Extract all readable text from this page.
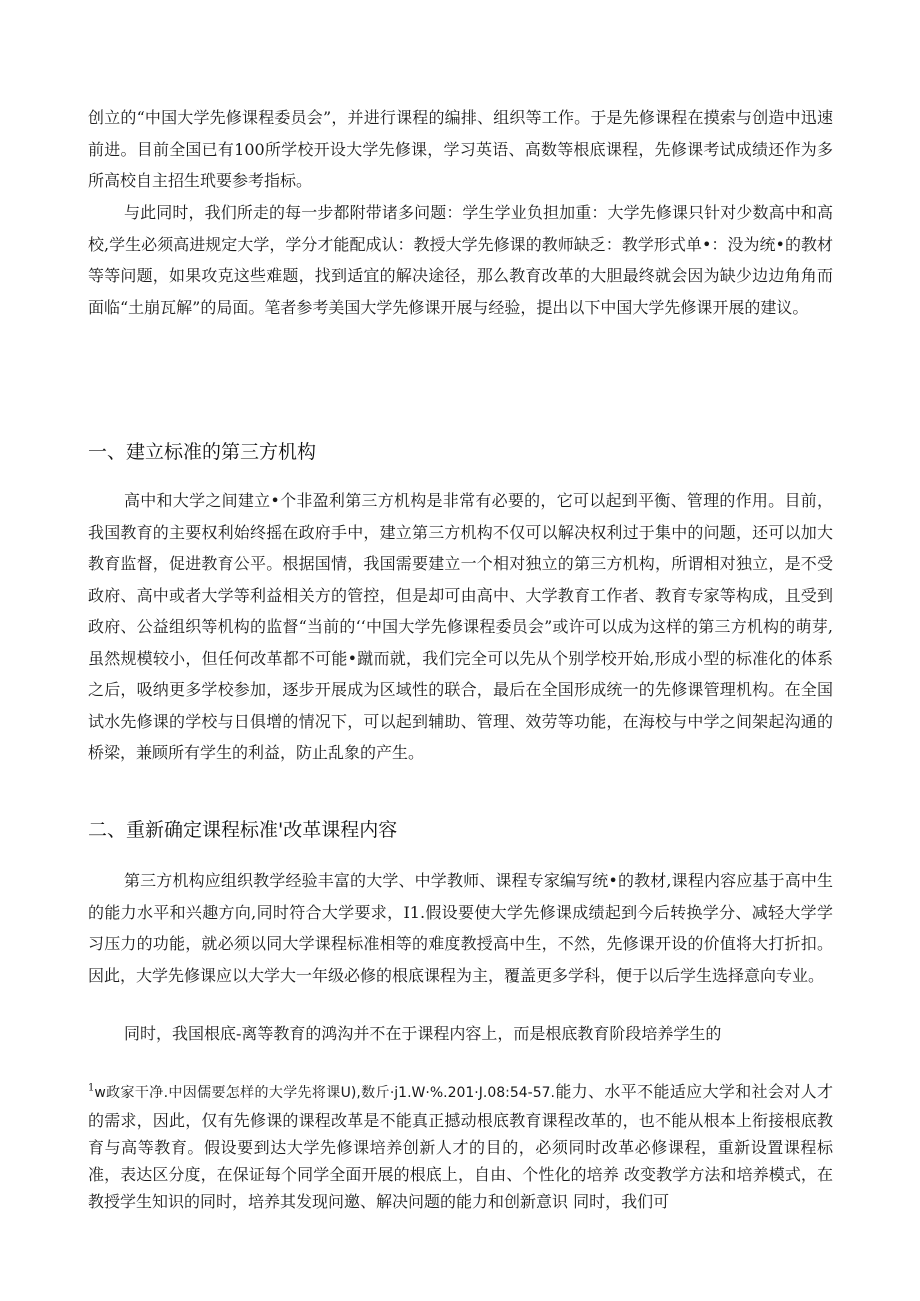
创立的“中国大学先修课程委员会”，并进行课程的编排、组织等工作。于是先修课程在摸索与创造中迅速前进。目前全国已有100所学校开设大学先修课，学习英语、高数等根底课程，先修课考试成绩还作为多所高校自主招生玳要参考指标。

与此同时，我们所走的每一步都附带诸多问题：学生学业负担加重：大学先修课只针对少数高中和高校,学生必须高进规定大学，学分才能配成认：教授大学先修课的教师缺乏：教学形式单•：没为统•的教材等等问题，如果攻克这些难题，找到适宜的解决途径，那么教育改革的大胆最终就会因为缺少边边角角而面临“土崩瓦解”的局面。笔者参考美国大学先修课开展与经验，提出以下中国大学先修课开展的建议。

一、建立标准的第三方机构

高中和大学之间建立•个非盈利第三方机构是非常有必要的，它可以起到平衡、管理的作用。目前，我国教育的主要权利始终摇在政府手中，建立第三方机构不仅可以解决权利过于集中的问题，还可以加大教育监督，促进教育公平。根据国情，我国需要建立一个相对独立的第三方机构，所谓相对独立，是不受政府、高中或者大学等利益相关方的管控，但是却可由高中、大学教育工作者、教育专家等构成，且受到政府、公益组织等机构的监督“当前的‘‘中国大学先修课程委员会”或许可以成为这样的第三方机构的萌芽,虽然规模较小，但任何改革都不可能•蹴而就，我们完全可以先从个别学校开始,形成小型的标准化的体系之后，吸纳更多学校参加，逐步开展成为区域性的联合，最后在全国形成统一的先修课管理机构。在全国试水先修课的学校与日俱增的情况下，可以起到辅助、管理、效劳等功能，在海校与中学之间架起沟通的桥梁，兼顾所有学生的利益，防止乱象的产生。

二、重新确定课程标准'改革课程内容

第三方机构应组织教学经验丰富的大学、中学教师、课程专家编写统•的教材,课程内容应基于高中生的能力水平和兴趣方向,同时符合大学要求，I1.假设要使大学先修课成绩起到今后转换学分、减轻大学学习压力的功能，就必须以同大学课程标准相等的难度教授高中生，不然，先修课开设的价值将大打折扣。因此，大学先修课应以大学大一年级必修的根底课程为主，覆盖更多学科，便于以后学生选择意向专业。

同时，我国根底-离等教育的鸿沟并不在于课程内容上，而是根底教育阶段培养学生的

$^1$w政家干净.中因儒要怎样的大学先将课U),数斤·j1.W·%.201·J.08:54-57.能力、水平不能适应大学和社会对人才的需求，因此，仅有先修课的课程改革是不能真正撼动根底教育课程改革的，也不能从根本上衔接根底教育与高等教育。假设要到达大学先修课培养创新人才的目的，必须同时改革必修课程，重新设置课程标准，表达区分度，在保证每个同学全面开展的根底上，自由、个性化的培养 改变教学方法和培养模式，在教授学生知识的同时，培养其发现问邀、解决问题的能力和创新意识 同时，我们可
